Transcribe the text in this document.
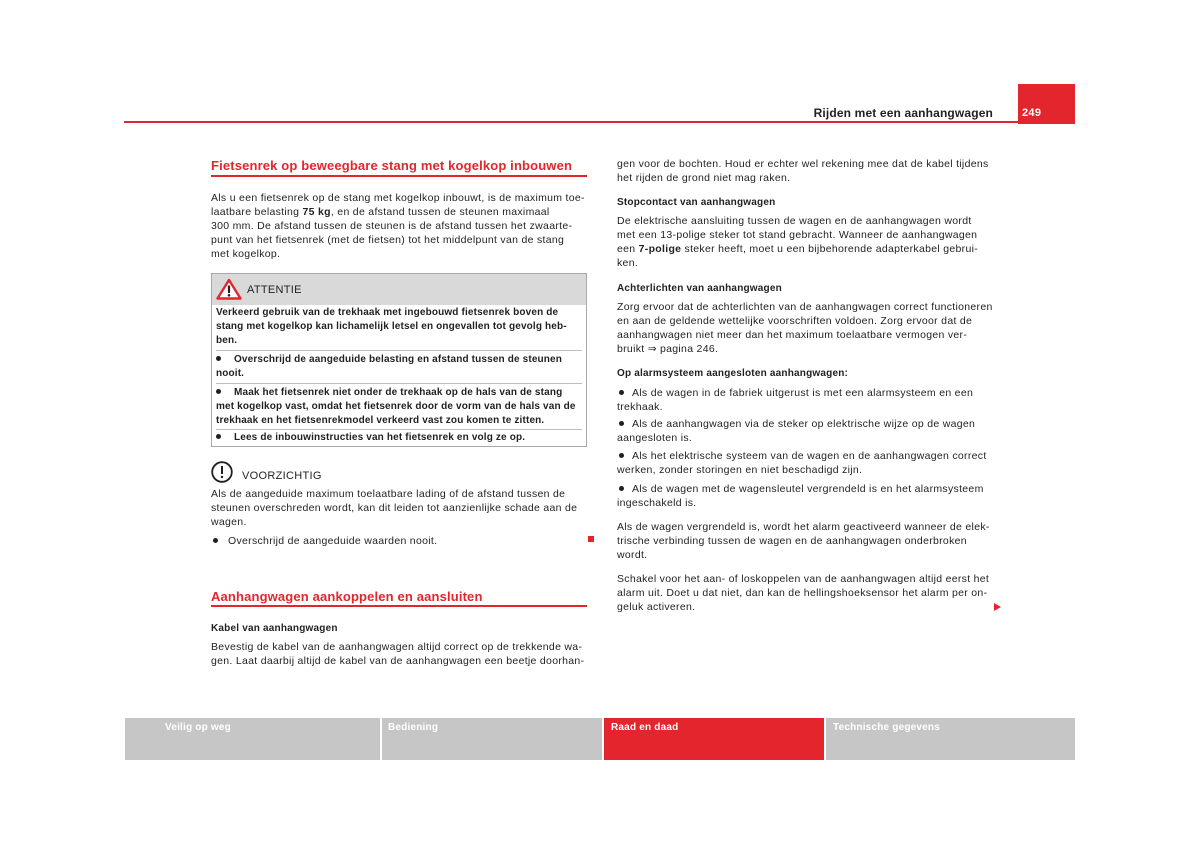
Rijden met een aanhangwagen	249
Fietsenrek op beweegbare stang met kogelkop inbouwen
Als u een fietsenrek op de stang met kogelkop inbouwt, is de maximum toe-
laatbare belasting 75 kg, en de afstand tussen de steunen maximaal
300 mm. De afstand tussen de steunen is de afstand tussen het zwaarte-
punt van het fietsenrek (met de fietsen) tot het middelpunt van de stang
met kogelkop.
ATTENTIE
Verkeerd gebruik van de trekhaak met ingebouwd fietsenrek boven de
stang met kogelkop kan lichamelijk letsel en ongevallen tot gevolg heb-
ben.
Overschrijd de aangeduide belasting en afstand tussen de steunen
nooit.
Maak het fietsenrek niet onder de trekhaak op de hals van de stang
met kogelkop vast, omdat het fietsenrek door de vorm van de hals van de
trekhaak en het fietsenrekmodel verkeerd vast zou komen te zitten.
Lees de inbouwinstructies van het fietsenrek en volg ze op.
VOORZICHTIG
Als de aangeduide maximum toelaatbare lading of de afstand tussen de
steunen overschreden wordt, kan dit leiden tot aanzienlijke schade aan de
wagen.
Overschrijd de aangeduide waarden nooit.
Aanhangwagen aankoppelen en aansluiten
Kabel van aanhangwagen
Bevestig de kabel van de aanhangwagen altijd correct op de trekkende wa-
gen. Laat daarbij altijd de kabel van de aanhangwagen een beetje doorhan-
gen voor de bochten. Houd er echter wel rekening mee dat de kabel tijdens
het rijden de grond niet mag raken.
Stopcontact van aanhangwagen
De elektrische aansluiting tussen de wagen en de aanhangwagen wordt
met een 13-polige steker tot stand gebracht. Wanneer de aanhangwagen
een 7-polige steker heeft, moet u een bijbehorende adapterkabel gebrui-
ken.
Achterlichten van aanhangwagen
Zorg ervoor dat de achterlichten van de aanhangwagen correct functioneren
en aan de geldende wettelijke voorschriften voldoen. Zorg ervoor dat de
aanhangwagen niet meer dan het maximum toelaatbare vermogen ver-
bruikt ⇒ pagina 246.
Op alarmsysteem aangesloten aanhangwagen:
Als de wagen in de fabriek uitgerust is met een alarmsysteem en een
trekhaak.
Als de aanhangwagen via de steker op elektrische wijze op de wagen
aangesloten is.
Als het elektrische systeem van de wagen en de aanhangwagen correct
werken, zonder storingen en niet beschadigd zijn.
Als de wagen met de wagensleutel vergrendeld is en het alarmsysteem
ingeschakeld is.
Als de wagen vergrendeld is, wordt het alarm geactiveerd wanneer de elek-
trische verbinding tussen de wagen en de aanhangwagen onderbroken
wordt.
Schakel voor het aan- of loskoppelen van de aanhangwagen altijd eerst het
alarm uit. Doet u dat niet, dan kan de hellingshoeksensor het alarm per on-
geluk activeren.
Veilig op weg	Bediening	Raad en daad	Technische gegevens
